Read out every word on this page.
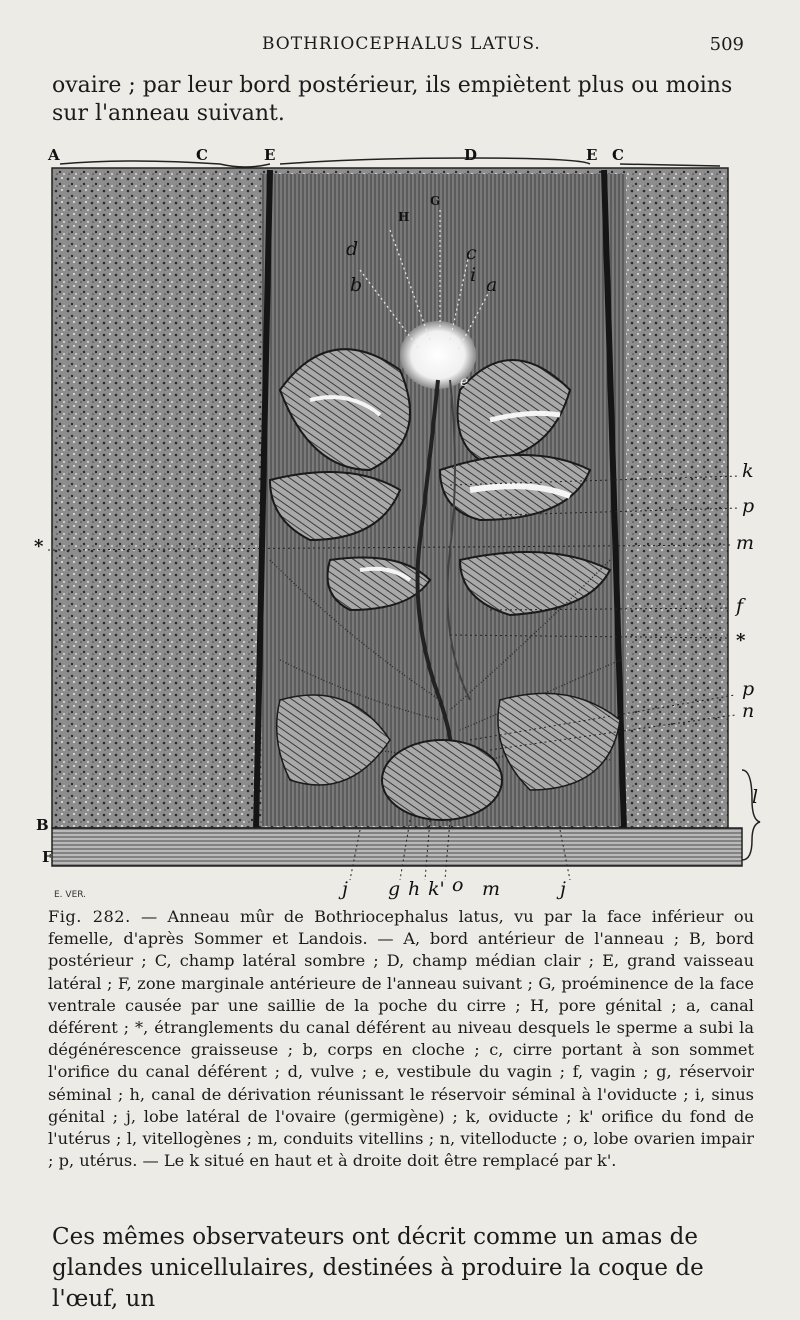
BOTHRIOCEPHALUS LATUS.	509

ovaire ; par leur bord postérieur, ils empiètent plus ou moins sur l'anneau suivant.

A	C	E	D	E C
H
G
d	c
b	i a
e
k
p
m
f
*
p
n
l
*
B
F
j g h k' o m	j
E. VER.

Fig. 282. — Anneau mûr de Bothriocephalus latus, vu par la face inférieur ou femelle, d'après Sommer et Landois. — A, bord antérieur de l'anneau ; B, bord postérieur ; C, champ latéral sombre ; D, champ médian clair ; E, grand vaisseau latéral ; F, zone marginale antérieure de l'anneau suivant ; G, proéminence de la face ventrale causée par une saillie de la poche du cirre ; H, pore génital ; a, canal déférent ; *, étranglements du canal déférent au niveau desquels le sperme a subi la dégénérescence graisseuse ; b, corps en cloche ; c, cirre portant à son sommet l'orifice du canal déférent ; d, vulve ; e, vestibule du vagin ; f, vagin ; g, réservoir séminal ; h, canal de dérivation réunissant le réservoir séminal à l'oviducte ; i, sinus génital ; j, lobe latéral de l'ovaire (germigène) ; k, oviducte ; k' orifice du fond de l'utérus ; l, vitellogènes ; m, conduits vitellins ; n, vitelloducte ; o, lobe ovarien impair ; p, utérus. — Le k situé en haut et à droite doit être remplacé par k'.

Ces mêmes observateurs ont décrit comme un amas de glandes unicellulaires, destinées à produire la coque de l'œuf, un
